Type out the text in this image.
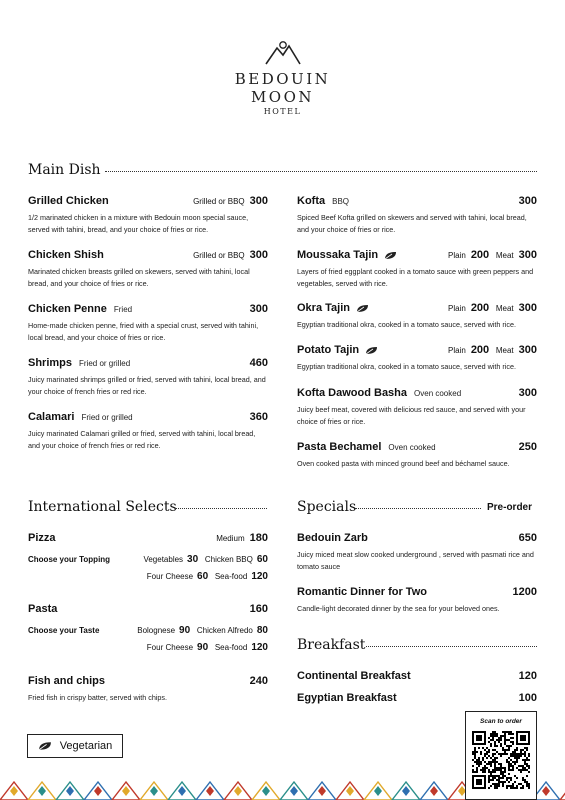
BEDOUIN
MOON
HOTEL
Main Dish
Grilled Chicken	Grilled or BBQ 300
1/2 marinated chicken in a mixture with Bedouin moon special sauce, served with tahini, bread, and your choice of fries or rice.
Chicken Shish	Grilled or BBQ 300
Marinated chicken breasts grilled on skewers, served with tahini, local bread, and your choice of fries or rice.
Chicken Penne Fried	300
Home-made chicken penne, fried with a special crust, served with tahini, local bread, and your choice of fries or rice.
Shrimps Fried or grilled	460
Juicy marinated shrimps grilled or fried, served with tahini, local bread, and your choice of french fries or red rice.
Calamari Fried or grilled	360
Juicy marinated Calamari grilled or fried, served with tahini, local bread, and your choice of french fries or red rice.
Kofta BBQ	300
Spiced Beef Kofta grilled on skewers and served with tahini, local bread, and your choice of fries or rice.
Moussaka Tajin	Plain 200 Meat 300
Layers of fried eggplant cooked in a tomato sauce with green peppers and vegetables, served with rice.
Okra Tajin	Plain 200 Meat 300
Egyptian traditional okra, cooked in a tomato sauce, served with rice.
Potato Tajin	Plain 200 Meat 300
Egyptian traditional okra, cooked in a tomato sauce, served with rice.
Kofta Dawood Basha Oven cooked	300
Juicy beef meat, covered with delicious red sauce, and served with your choice of fries or rice.
Pasta Bechamel Oven cooked	250
Oven cooked pasta with minced ground beef and béchamel sauce.
International Selects
Pizza	Medium 180
Choose your Topping	Vegetables 30 Chicken BBQ 60
Four Cheese 60 Sea-food 120
Pasta	160
Choose your Taste	Bolognese 90 Chicken Alfredo 80
Four Cheese 90 Sea-food 120
Fish and chips	240
Fried fish in crispy batter, served with chips.
Specials	Pre-order
Bedouin Zarb	650
Juicy miced meat slow cooked underground , served with pasmati rice and tomato sauce
Romantic Dinner for Two	1200
Candle-light decorated dinner by the sea for your beloved ones.
Breakfast
Continental Breakfast	120
Egyptian Breakfast	100
Vegetarian
Scan to order
